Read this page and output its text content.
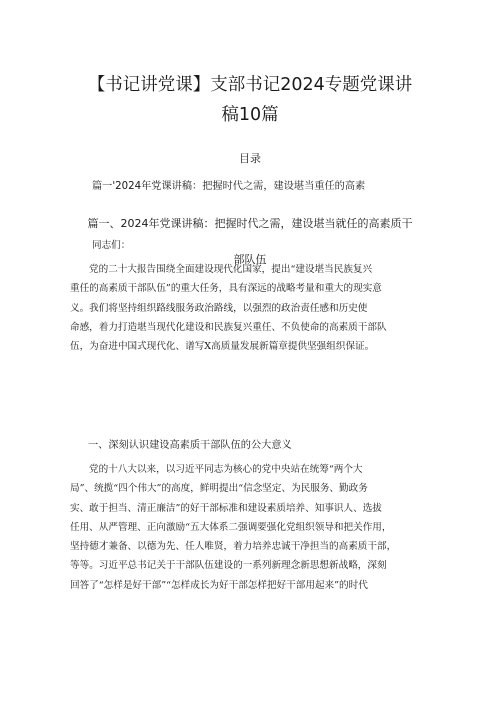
【书记讲党课】支部书记2024专题党课讲
稿10篇
目录
篇一'2024年党课讲稿：把握时代之需，建设堪当重任的高素
篇一、2024年党课讲稿：把握时代之需，建设堪当就任的高素质干
部队伍
同志们：

党的二十大报告围绕全面建设现代化国家，提出“建设堪当民族复兴
重任的高素质干部队伍”的重大任务，具有深远的战略考量和重大的现实意
义。我们将坚持组织路线服务政治路线，以强烈的政治责任感和历史使
命感，着力打造堪当现代化建设和民族复兴重任、不负使命的高素质干部队
伍，为奋进中国式现代化、谱写X高质量发展新篇章提供坚强组织保证。

一、深刻认识建设高素质干部队伍的公大意义

党的十八大以来，以习近平同志为核心的党中央站在统筹“两个大
局”、统揽“四个伟大”的高度，鲜明提出“信念坚定、为民服务、勤政务
实、敢于担当、清正廉洁”的好干部标准和建设素质培养、知事识人、选拔
任用、从严管理、正向激励“五大体系二强调要强化党组织领导和把关作用，
坚持德才兼备、以德为先、任人唯贤，着力培养忠诚干净担当的高素质干部，
等等。习近平总书记关于干部队伍建设的一系列新理念新思想新战略，深刻
回答了“怎样是好干部”“怎样成长为好干部怎样把好干部用起来”的时代
